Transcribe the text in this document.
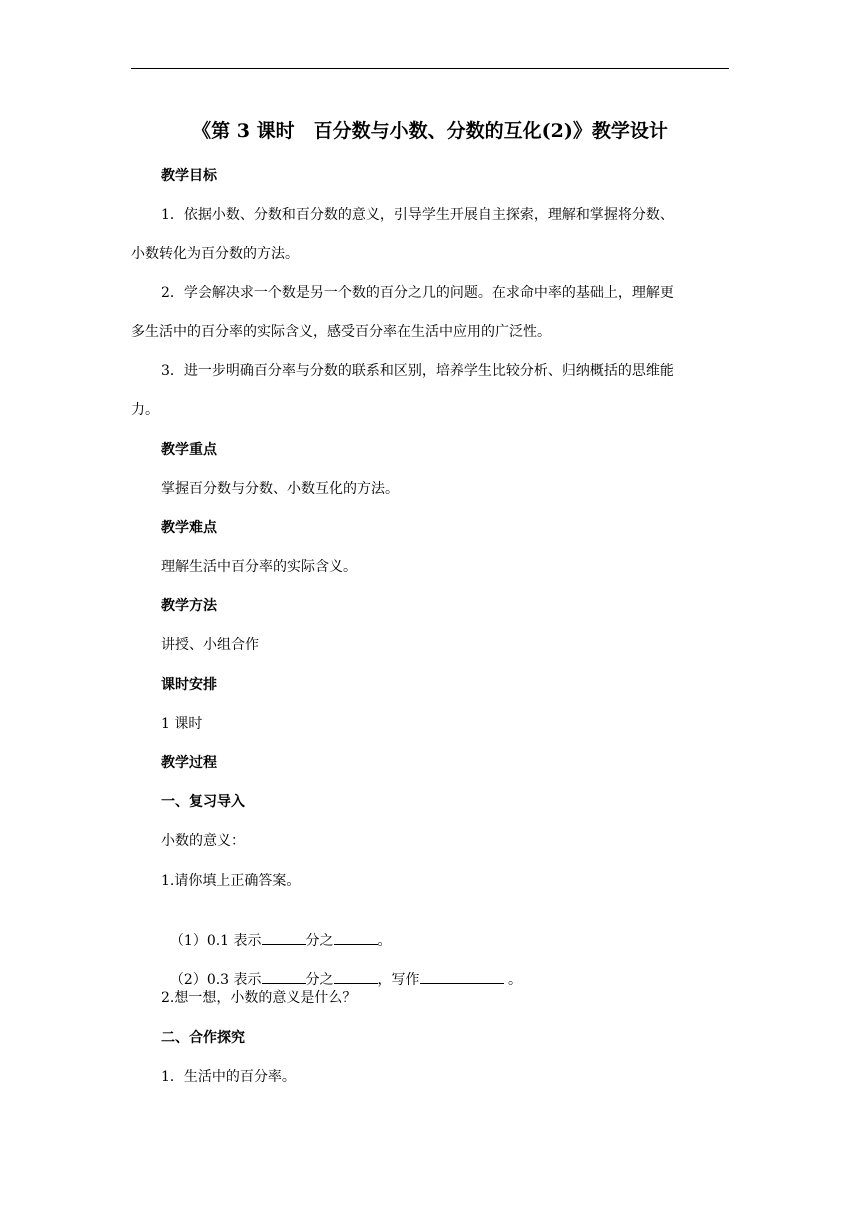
《第 3 课时　百分数与小数、分数的互化(2)》教学设计
教学目标
1．依据小数、分数和百分数的意义，引导学生开展自主探索，理解和掌握将分数、
小数转化为百分数的方法。
2．学会解决求一个数是另一个数的百分之几的问题。在求命中率的基础上，理解更
多生活中的百分率的实际含义，感受百分率在生活中应用的广泛性。
3．进一步明确百分率与分数的联系和区别，培养学生比较分析、归纳概括的思维能
力。
教学重点
掌握百分数与分数、小数互化的方法。
教学难点
理解生活中百分率的实际含义。
教学方法
讲授、小组合作
课时安排
1 课时
教学过程
一、复习导入
小数的意义：
1.请你填上正确答案。

（1）0.1 表示	分之	。

（2）0.3 表示	分之	，写作	。

2.想一想，小数的意义是什么？
二、合作探究
1．生活中的百分率。
